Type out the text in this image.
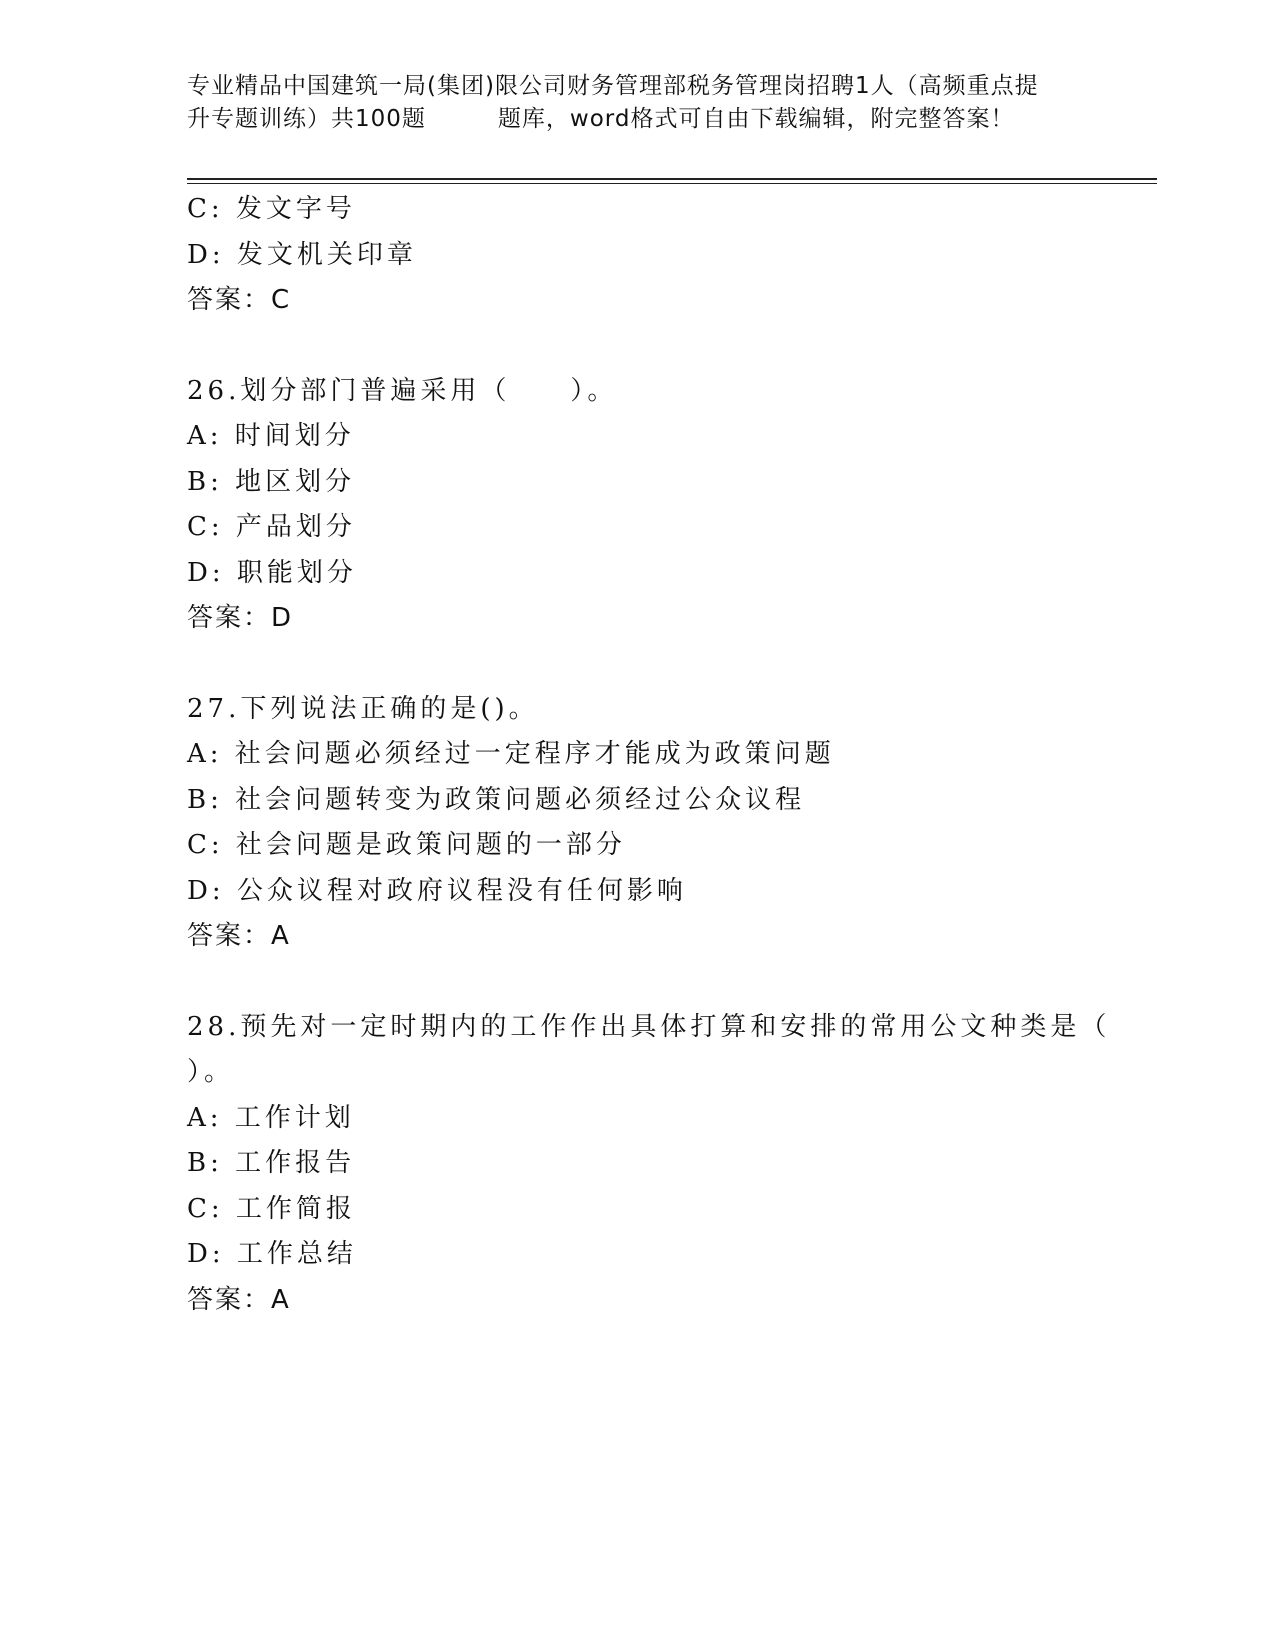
专业精品中国建筑一局(集团)限公司财务管理部税务管理岗招聘1人（高频重点提
升专题训练）共100题	题库，word格式可自由下载编辑，附完整答案！
C: 发文字号
D: 发文机关印章
答案：C
26.划分部门普遍采用（　　）。
A: 时间划分
B: 地区划分
C: 产品划分
D: 职能划分
答案：D
27.下列说法正确的是()。
A: 社会问题必须经过一定程序才能成为政策问题
B: 社会问题转变为政策问题必须经过公众议程
C: 社会问题是政策问题的一部分
D: 公众议程对政府议程没有任何影响
答案：A
28.预先对一定时期内的工作作出具体打算和安排的常用公文种类是（
）。
A: 工作计划
B: 工作报告
C: 工作简报
D: 工作总结
答案：A
